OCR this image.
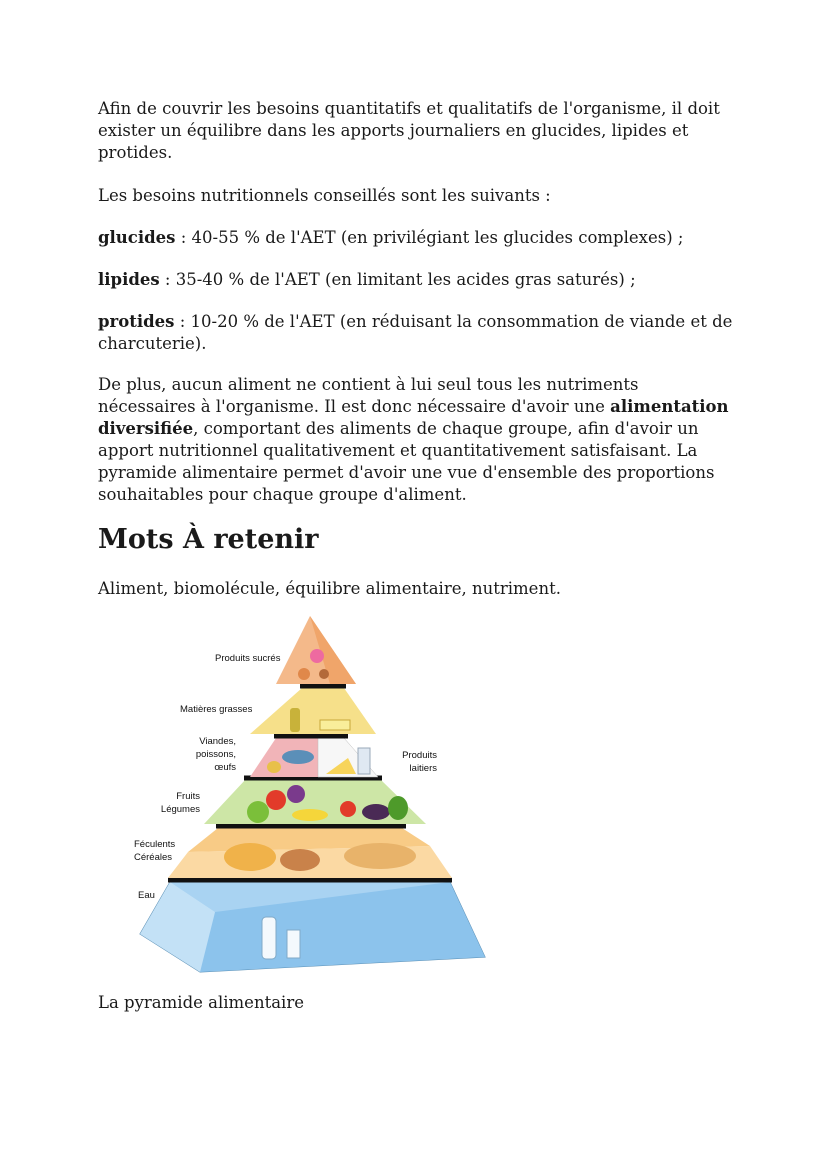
Afin de couvrir les besoins quantitatifs et qualitatifs de l'organisme, il doit exister un équilibre dans les apports journaliers en glucides, lipides et protides.

Les besoins nutritionnels conseillés sont les suivants :

glucides : 40-55 % de l'AET (en privilégiant les glucides complexes) ;

lipides : 35-40 % de l'AET (en limitant les acides gras saturés) ;

protides : 10-20 % de l'AET (en réduisant la consommation de viande et de charcuterie).

De plus, aucun aliment ne contient à lui seul tous les nutriments nécessaires à l'organisme. Il est donc nécessaire d'avoir une alimentation diversifiée, comportant des aliments de chaque groupe, afin d'avoir un apport nutritionnel qualitativement et quantitativement satisfaisant. La pyramide alimentaire permet d'avoir une vue d'ensemble des proportions souhaitables pour chaque groupe d'aliment.

Mots À retenir

Aliment, biomolécule, équilibre alimentaire, nutriment.

Produits sucrés
Matières grasses
Viandes, poissons, œufs
Produits laitiers
Fruits Légumes
Féculents Céréales
Eau

La pyramide alimentaire
